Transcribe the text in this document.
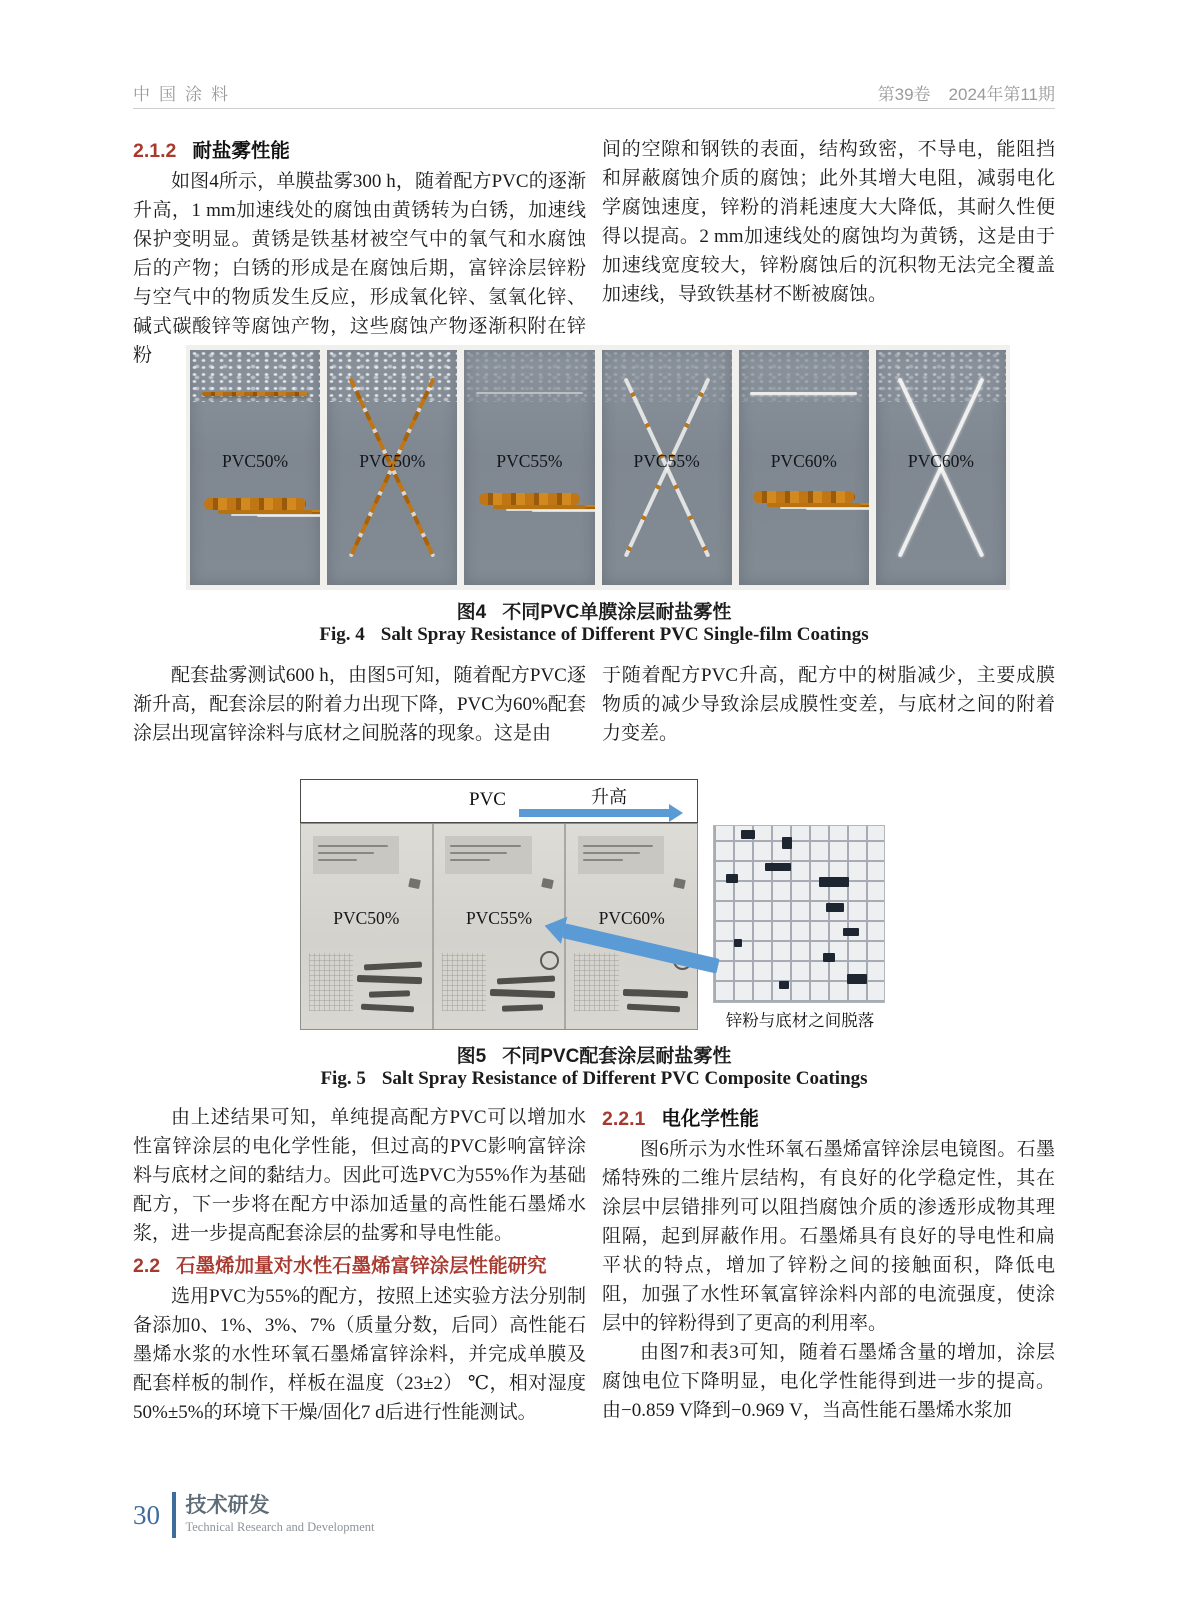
中国涂料	第39卷 2024年第11期
2.1.2 耐盐雾性能

如图4所示，单膜盐雾300 h，随着配方PVC的逐渐升高，1 mm加速线处的腐蚀由黄锈转为白锈，加速线保护变明显。黄锈是铁基材被空气中的氧气和水腐蚀后的产物；白锈的形成是在腐蚀后期，富锌涂层锌粉与空气中的物质发生反应，形成氧化锌、氢氧化锌、碱式碳酸锌等腐蚀产物，这些腐蚀产物逐渐积附在锌粉

间的空隙和钢铁的表面，结构致密，不导电，能阻挡和屏蔽腐蚀介质的腐蚀；此外其增大电阻，减弱电化学腐蚀速度，锌粉的消耗速度大大降低，其耐久性便得以提高。2 mm加速线处的腐蚀均为黄锈，这是由于加速线宽度较大，锌粉腐蚀后的沉积物无法完全覆盖加速线，导致铁基材不断被腐蚀。

PVC50%	PVC50%	PVC55%	PVC55%	PVC60%	PVC60%
图4 不同PVC单膜涂层耐盐雾性
Fig. 4 Salt Spray Resistance of Different PVC Single-film Coatings

配套盐雾测试600 h，由图5可知，随着配方PVC逐渐升高，配套涂层的附着力出现下降，PVC为60%配套涂层出现富锌涂料与底材之间脱落的现象。这是由

于随着配方PVC升高，配方中的树脂减少，主要成膜物质的减少导致涂层成膜性变差，与底材之间的附着力变差。

PVC	升高
PVC50%	PVC55%	PVC60%
锌粉与底材之间脱落
图5 不同PVC配套涂层耐盐雾性
Fig. 5 Salt Spray Resistance of Different PVC Composite Coatings

由上述结果可知，单纯提高配方PVC可以增加水性富锌涂层的电化学性能，但过高的PVC影响富锌涂料与底材之间的黏结力。因此可选PVC为55%作为基础配方，下一步将在配方中添加适量的高性能石墨烯水浆，进一步提高配套涂层的盐雾和导电性能。

2.2 石墨烯加量对水性石墨烯富锌涂层性能研究

选用PVC为55%的配方，按照上述实验方法分别制备添加0、1%、3%、7%（质量分数，后同）高性能石墨烯水浆的水性环氧石墨烯富锌涂料，并完成单膜及配套样板的制作，样板在温度（23±2） ℃，相对湿度50%±5%的环境下干燥/固化7 d后进行性能测试。

2.2.1 电化学性能

图6所示为水性环氧石墨烯富锌涂层电镜图。石墨烯特殊的二维片层结构，有良好的化学稳定性，其在涂层中层错排列可以阻挡腐蚀介质的渗透形成物其理阻隔，起到屏蔽作用。石墨烯具有良好的导电性和扁平状的特点，增加了锌粉之间的接触面积，降低电阻，加强了水性环氧富锌涂料内部的电流强度，使涂层中的锌粉得到了更高的利用率。

由图7和表3可知，随着石墨烯含量的增加，涂层腐蚀电位下降明显，电化学性能得到进一步的提高。由−0.859 V降到−0.969 V，当高性能石墨烯水浆加

30 技术研发
Technical Research and Development
